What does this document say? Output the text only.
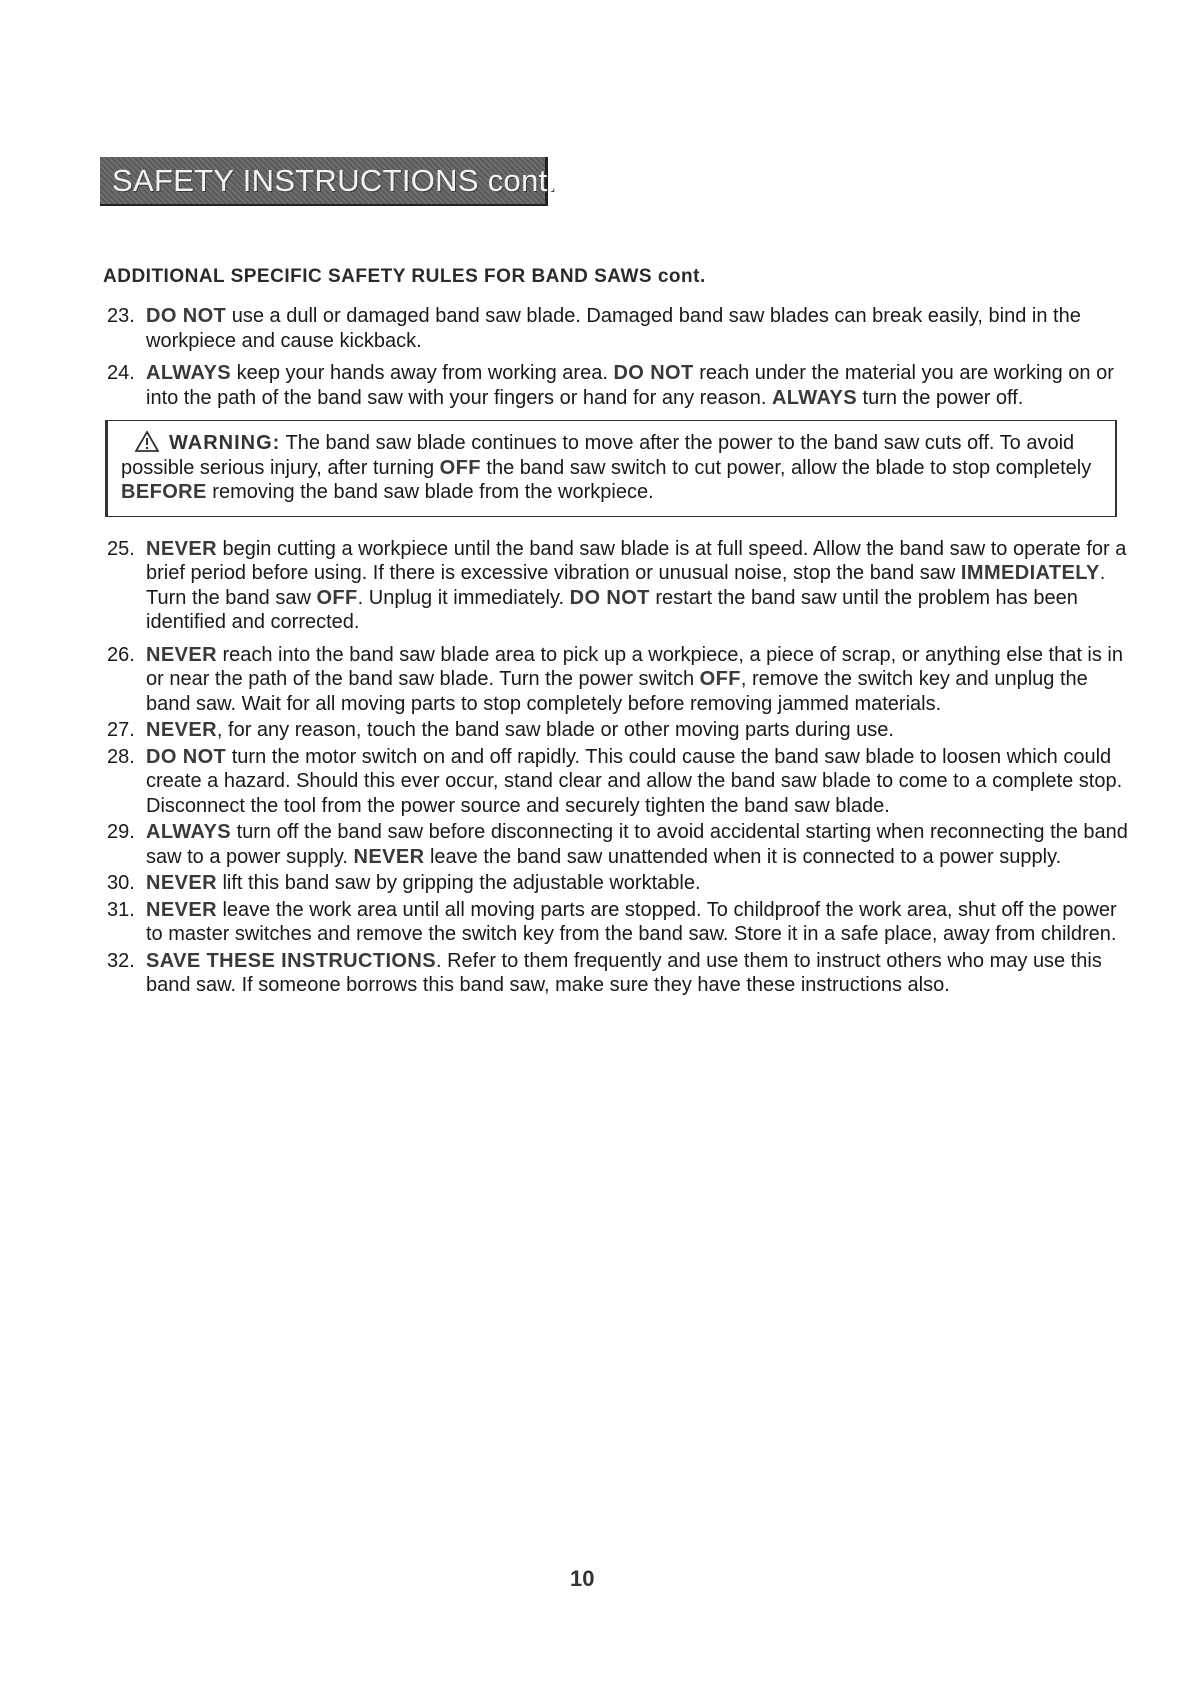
SAFETY INSTRUCTIONS cont.
ADDITIONAL SPECIFIC SAFETY RULES FOR BAND SAWS cont.
23. DO NOT use a dull or damaged band saw blade. Damaged band saw blades can break easily, bind in the workpiece and cause kickback.
24. ALWAYS keep your hands away from working area. DO NOT reach under the material you are working on or into the path of the band saw with your fingers or hand for any reason. ALWAYS turn the power off.
WARNING: The band saw blade continues to move after the power to the band saw cuts off. To avoid possible serious injury, after turning OFF the band saw switch to cut power, allow the blade to stop completely BEFORE removing the band saw blade from the workpiece.
25. NEVER begin cutting a workpiece until the band saw blade is at full speed. Allow the band saw to operate for a brief period before using. If there is excessive vibration or unusual noise, stop the band saw IMMEDIATELY. Turn the band saw OFF. Unplug it immediately. DO NOT restart the band saw until the problem has been identified and corrected.
26. NEVER reach into the band saw blade area to pick up a workpiece, a piece of scrap, or anything else that is in or near the path of the band saw blade. Turn the power switch OFF, remove the switch key and unplug the band saw. Wait for all moving parts to stop completely before removing jammed materials.
27. NEVER, for any reason, touch the band saw blade or other moving parts during use.
28. DO NOT turn the motor switch on and off rapidly. This could cause the band saw blade to loosen which could create a hazard. Should this ever occur, stand clear and allow the band saw blade to come to a complete stop. Disconnect the tool from the power source and securely tighten the band saw blade.
29. ALWAYS turn off the band saw before disconnecting it to avoid accidental starting when reconnecting the band saw to a power supply. NEVER leave the band saw unattended when it is connected to a power supply.
30. NEVER lift this band saw by gripping the adjustable worktable.
31. NEVER leave the work area until all moving parts are stopped. To childproof the work area, shut off the power to master switches and remove the switch key from the band saw. Store it in a safe place, away from children.
32. SAVE THESE INSTRUCTIONS. Refer to them frequently and use them to instruct others who may use this band saw. If someone borrows this band saw, make sure they have these instructions also.
10
